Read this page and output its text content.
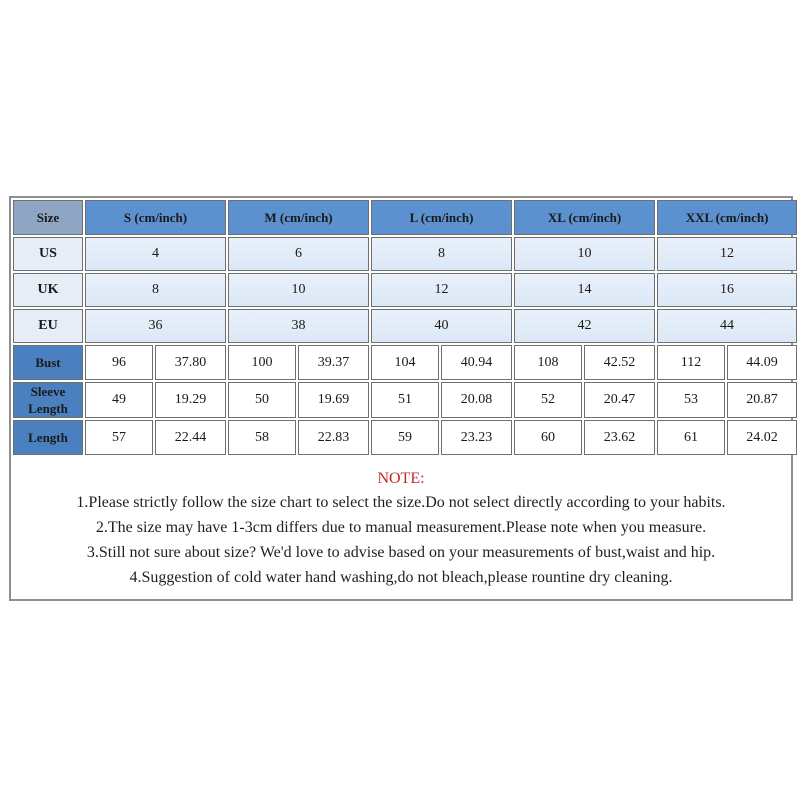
Size	S (cm/inch)		M (cm/inch)		L (cm/inch)		XL (cm/inch)		XXL (cm/inch)	
US	4		6		8		10		12	
UK	8		10		12		14		16	
EU	36		38		40		42		44	
Bust	96	37.80	100	39.37	104	40.94	108	42.52	112	44.09
Sleeve Length	49	19.29	50	19.69	51	20.08	52	20.47	53	20.87
Length	57	22.44	58	22.83	59	23.23	60	23.62	61	24.02
NOTE:
1.Please strictly follow the size chart to select the size.Do not select directly according to your habits.
2.The size may have 1-3cm differs due to manual measurement.Please note when you measure.
3.Still not sure about size? We'd love to advise based on your measurements of bust,waist and hip.
4.Suggestion of cold water hand washing,do not bleach,please rountine dry cleaning.
